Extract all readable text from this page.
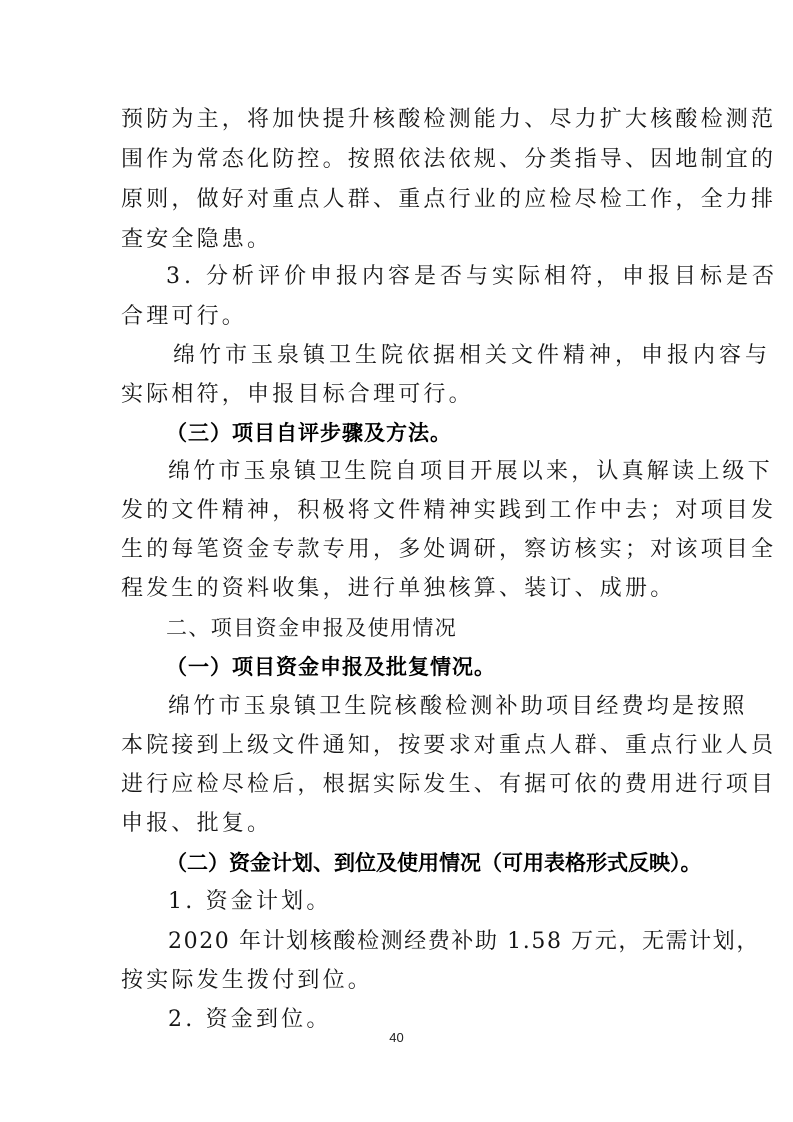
预防为主，将加快提升核酸检测能力、尽力扩大核酸检测范
围作为常态化防控。按照依法依规、分类指导、因地制宜的
原则，做好对重点人群、重点行业的应检尽检工作，全力排
查安全隐患。
3. 分析评价申报内容是否与实际相符，申报目标是否
合理可行。
绵竹市玉泉镇卫生院依据相关文件精神，申报内容与
实际相符，申报目标合理可行。
（三）项目自评步骤及方法。
绵竹市玉泉镇卫生院自项目开展以来，认真解读上级下
发的文件精神，积极将文件精神实践到工作中去；对项目发
生的每笔资金专款专用，多处调研，察访核实；对该项目全
程发生的资料收集，进行单独核算、装订、成册。
二、项目资金申报及使用情况
（一）项目资金申报及批复情况。
绵竹市玉泉镇卫生院核酸检测补助项目经费均是按照
本院接到上级文件通知，按要求对重点人群、重点行业人员
进行应检尽检后，根据实际发生、有据可依的费用进行项目
申报、批复。
（二）资金计划、到位及使用情况（可用表格形式反映）。
1. 资金计划。
2020 年计划核酸检测经费补助 1.58 万元，无需计划，
按实际发生拨付到位。
2. 资金到位。
40
